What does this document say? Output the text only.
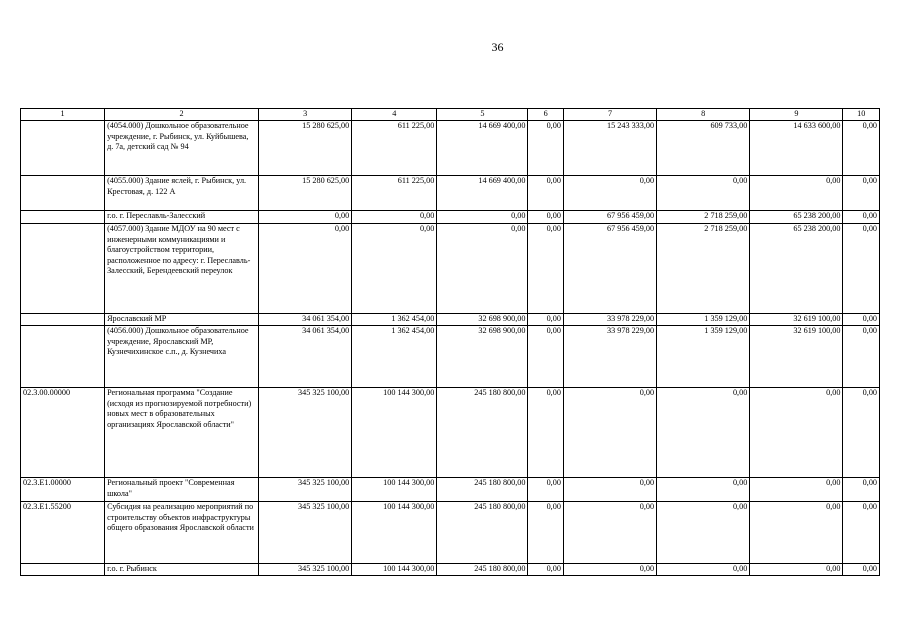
36
1	2	3	4	5	6	7	8	9	10
	(4054.000) Дошкольное образовательное учреждение, г. Рыбинск, ул. Куйбышева, д. 7а, детский сад № 94	15 280 625,00	611 225,00	14 669 400,00	0,00	15 243 333,00	609 733,00	14 633 600,00	0,00
	(4055.000) Здание яслей, г. Рыбинск, ул. Крестовая, д. 122 А	15 280 625,00	611 225,00	14 669 400,00	0,00	0,00	0,00	0,00	0,00
	г.о. г. Переславль-Залесский	0,00	0,00	0,00	0,00	67 956 459,00	2 718 259,00	65 238 200,00	0,00
	(4057.000) Здание МДОУ на 90 мест с инженерными коммуникациями и благоустройством территории, расположенное по адресу: г. Переславль-Залесский, Берендеевский переулок	0,00	0,00	0,00	0,00	67 956 459,00	2 718 259,00	65 238 200,00	0,00
	Ярославский МР	34 061 354,00	1 362 454,00	32 698 900,00	0,00	33 978 229,00	1 359 129,00	32 619 100,00	0,00
	(4056.000) Дошкольное образовательное учреждение, Ярославский МР, Кузнечихинское с.п., д. Кузнечиха	34 061 354,00	1 362 454,00	32 698 900,00	0,00	33 978 229,00	1 359 129,00	32 619 100,00	0,00
02.3.00.00000	Региональная программа "Создание (исходя из прогнозируемой потребности) новых мест в образовательных организациях Ярославской области"	345 325 100,00	100 144 300,00	245 180 800,00	0,00	0,00	0,00	0,00	0,00
02.3.E1.00000	Региональный проект "Современная школа"	345 325 100,00	100 144 300,00	245 180 800,00	0,00	0,00	0,00	0,00	0,00
02.3.E1.55200	Субсидия на реализацию мероприятий по строительству объектов инфраструктуры общего образования Ярославской области	345 325 100,00	100 144 300,00	245 180 800,00	0,00	0,00	0,00	0,00	0,00
	г.о. г. Рыбинск	345 325 100,00	100 144 300,00	245 180 800,00	0,00	0,00	0,00	0,00	0,00
